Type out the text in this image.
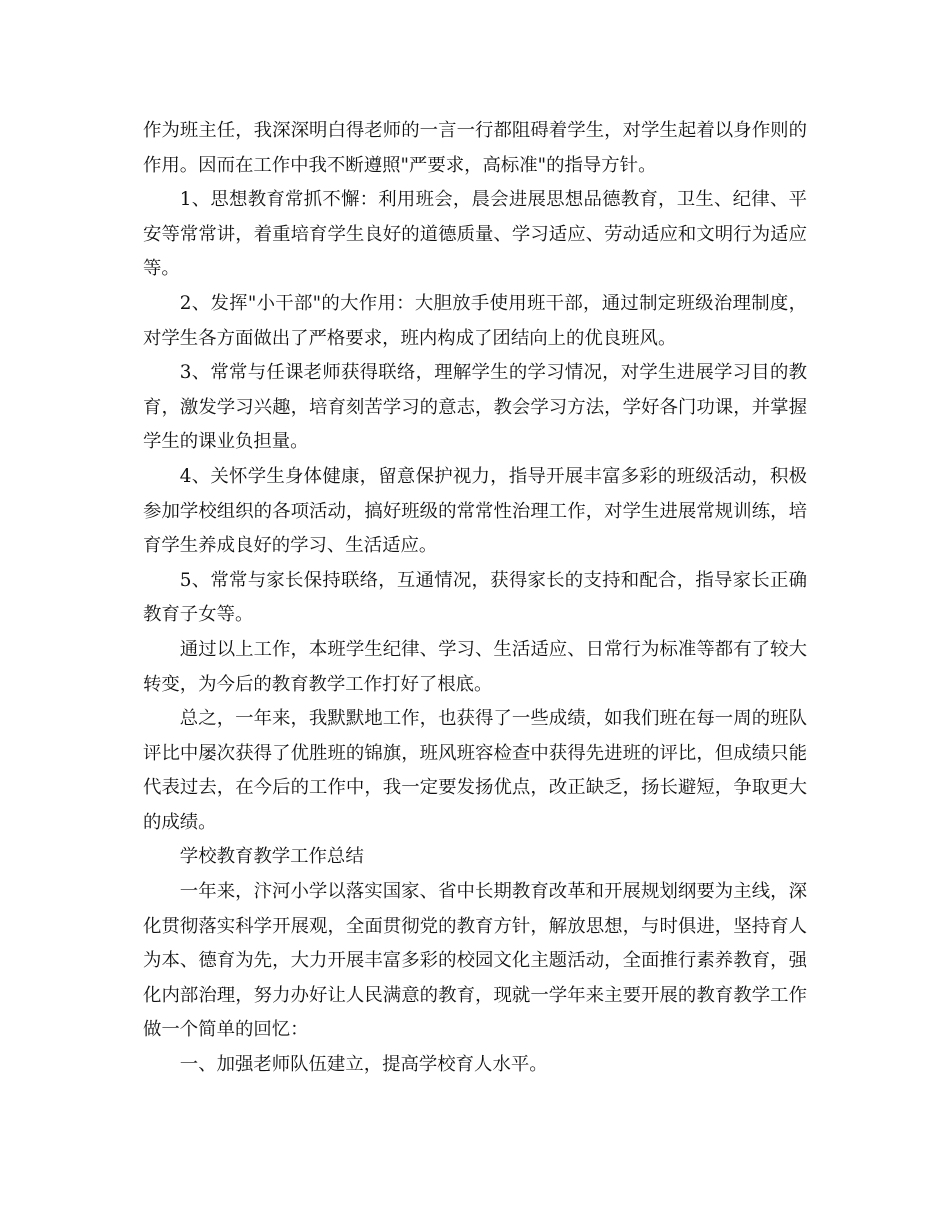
作为班主任，我深深明白得老师的一言一行都阻碍着学生，对学生起着以身作则的作用。因而在工作中我不断遵照"严要求，高标准"的指导方针。

1、思想教育常抓不懈：利用班会，晨会进展思想品德教育，卫生、纪律、平安等常常讲，着重培育学生良好的道德质量、学习适应、劳动适应和文明行为适应等。

2、发挥"小干部"的大作用：大胆放手使用班干部，通过制定班级治理制度，对学生各方面做出了严格要求，班内构成了团结向上的优良班风。

3、常常与任课老师获得联络，理解学生的学习情况，对学生进展学习目的教育，激发学习兴趣，培育刻苦学习的意志，教会学习方法，学好各门功课，并掌握学生的课业负担量。

4、关怀学生身体健康，留意保护视力，指导开展丰富多彩的班级活动，积极参加学校组织的各项活动，搞好班级的常常性治理工作，对学生进展常规训练，培育学生养成良好的学习、生活适应。

5、常常与家长保持联络，互通情况，获得家长的支持和配合，指导家长正确教育子女等。

通过以上工作，本班学生纪律、学习、生活适应、日常行为标准等都有了较大转变，为今后的教育教学工作打好了根底。

总之，一年来，我默默地工作，也获得了一些成绩，如我们班在每一周的班队评比中屡次获得了优胜班的锦旗，班风班容检查中获得先进班的评比，但成绩只能代表过去，在今后的工作中，我一定要发扬优点，改正缺乏，扬长避短，争取更大的成绩。

学校教育教学工作总结

一年来，汴河小学以落实国家、省中长期教育改革和开展规划纲要为主线，深化贯彻落实科学开展观，全面贯彻党的教育方针，解放思想，与时俱进，坚持育人为本、德育为先，大力开展丰富多彩的校园文化主题活动，全面推行素养教育，强化内部治理，努力办好让人民满意的教育，现就一学年来主要开展的教育教学工作做一个简单的回忆：

一、加强老师队伍建立，提高学校育人水平。
